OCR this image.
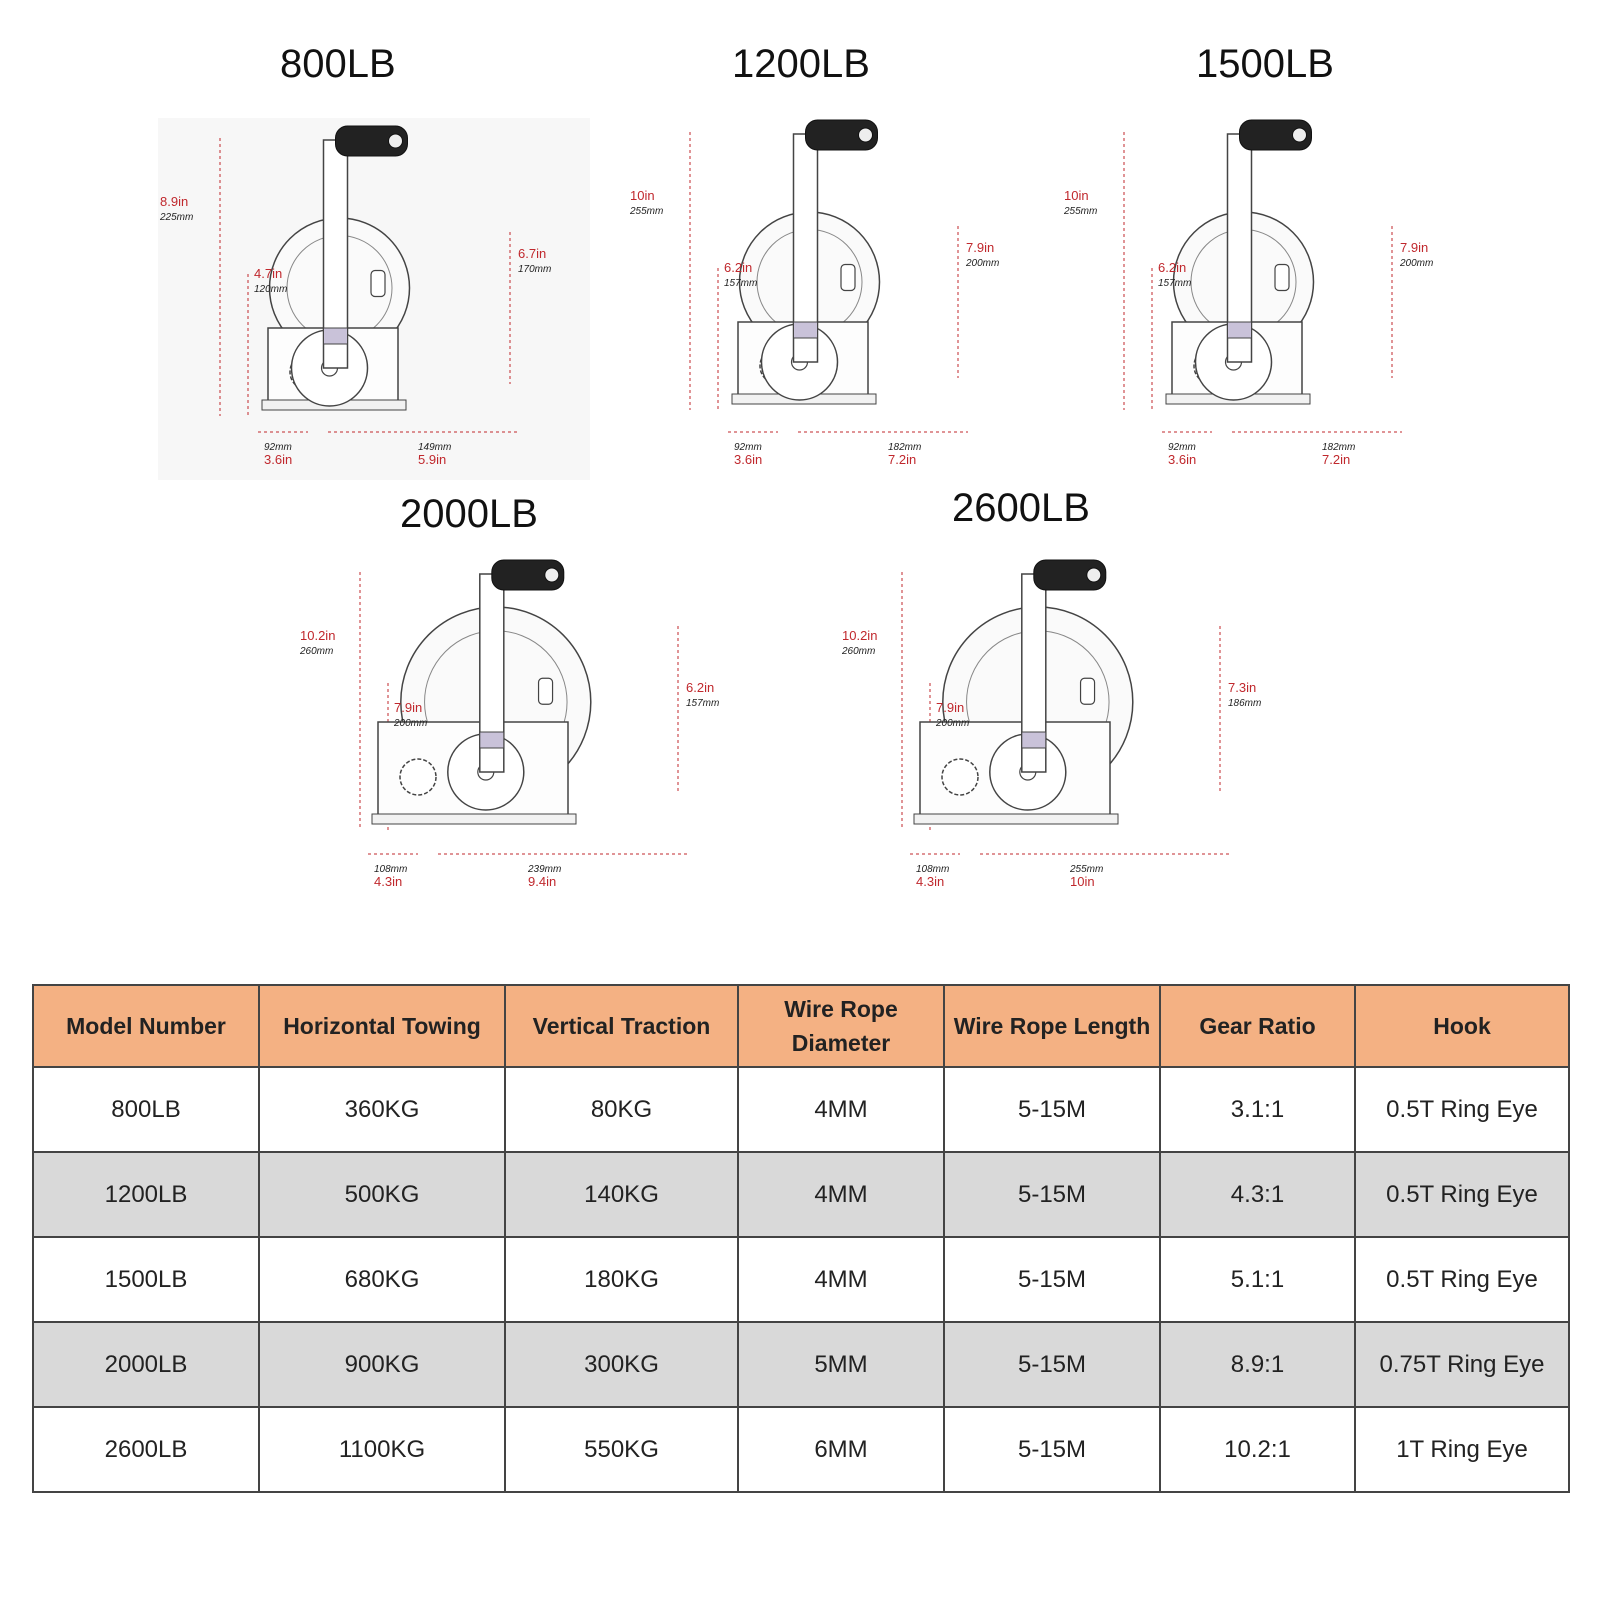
800LB
8.9in
225mm
4.7in
120mm
6.7in
170mm
92mm
3.6in
149mm
5.9in
1200LB
10in
255mm
6.2in
157mm
7.9in
200mm
92mm
3.6in
182mm
7.2in
1500LB
10in
255mm
6.2in
157mm
7.9in
200mm
92mm
3.6in
182mm
7.2in
2000LB
10.2in
260mm
7.9in
200mm
6.2in
157mm
108mm
4.3in
239mm
9.4in
2600LB
10.2in
260mm
7.9in
200mm
7.3in
186mm
108mm
4.3in
255mm
10in
Model Number	Horizontal Towing	Vertical Traction	Wire Rope Diameter	Wire Rope Length	Gear Ratio	Hook
800LB	360KG	80KG	4MM	5-15M	3.1:1	0.5T Ring Eye
1200LB	500KG	140KG	4MM	5-15M	4.3:1	0.5T Ring Eye
1500LB	680KG	180KG	4MM	5-15M	5.1:1	0.5T Ring Eye
2000LB	900KG	300KG	5MM	5-15M	8.9:1	0.75T Ring Eye
2600LB	1100KG	550KG	6MM	5-15M	10.2:1	1T Ring Eye
